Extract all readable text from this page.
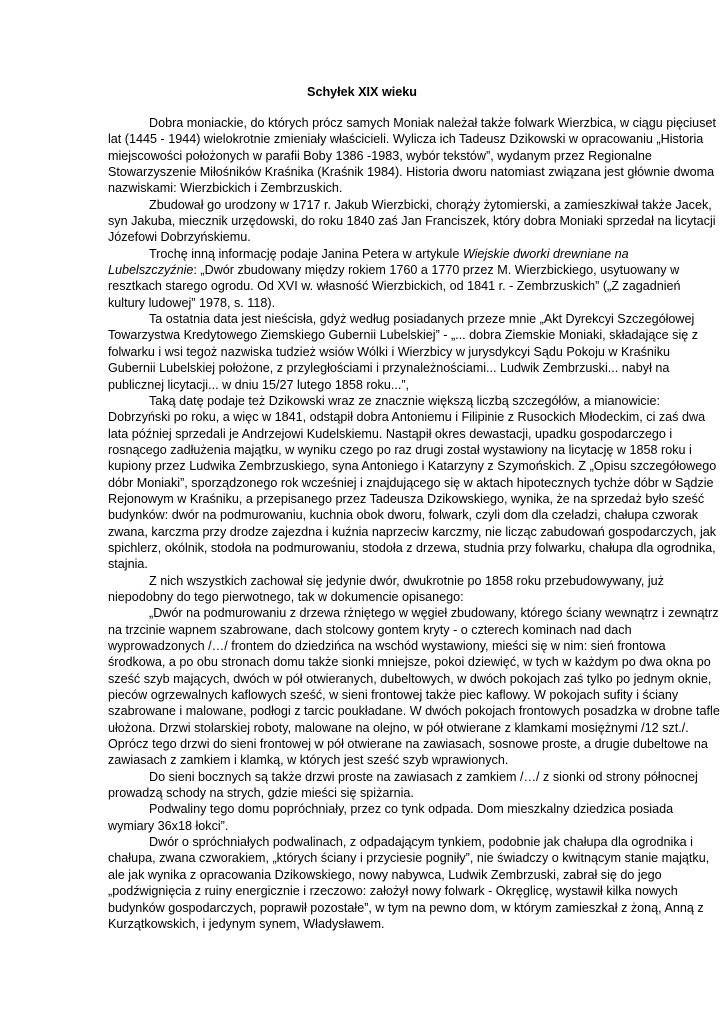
Schyłek XIX wieku

Dobra moniackie, do których prócz samych Moniak należał także folwark Wierzbica, w ciągu pięciuset lat (1445 - 1944) wielokrotnie zmieniały właścicieli. Wylicza ich Tadeusz Dzikowski w opracowaniu „Historia miejscowości położonych w parafii Boby 1386 -1983, wybór tekstów”, wydanym przez Regionalne Stowarzyszenie Miłośników Kraśnika (Kraśnik 1984). Historia dworu natomiast związana jest głównie dwoma nazwiskami: Wierzbickich i Zembrzuskich.

Zbudował go urodzony w 1717 r. Jakub Wierzbicki, chorąży żytomierski, a zamieszkiwał także Jacek, syn Jakuba, miecznik urzędowski, do roku 1840 zaś Jan Franciszek, który dobra Moniaki sprzedał na licytacji Józefowi Dobrzyńskiemu.

Trochę inną informację podaje Janina Petera w artykule Wiejskie dworki drewniane na Lubelszczyźnie: „Dwór zbudowany między rokiem 1760 a 1770 przez M. Wierzbickiego, usytuowany w resztkach starego ogrodu. Od XVI w. własność Wierzbickich, od 1841 r. - Zembrzuskich” („Z zagadnień kultury ludowej” 1978, s. 118).

Ta ostatnia data jest nieścisła, gdyż według posiadanych przeze mnie „Akt Dyrekcyi Szczegółowej Towarzystwa Kredytowego Ziemskiego Gubernii Lubelskiej” - „... dobra Ziemskie Moniaki, składające się z folwarku i wsi tegoż nazwiska tudzież wsiów Wólki i Wierzbicy w jurysdykcyi Sądu Pokoju w Kraśniku Gubernii Lubelskiej położone, z przyległościami i przynależnościami... Ludwik Zembrzuski... nabył na publicznej licytacji... w dniu 15/27 lutego 1858 roku...”,

Taką datę podaje też Dzikowski wraz ze znacznie większą liczbą szczegółów, a mianowicie: Dobrzyński po roku, a więc w 1841, odstąpił dobra Antoniemu i Filipinie z Rusockich Młodeckim, ci zaś dwa lata później sprzedali je Andrzejowi Kudelskiemu. Nastąpił okres dewastacji, upadku gospodarczego i rosnącego zadłużenia majątku, w wyniku czego po raz drugi został wystawiony na licytację w 1858 roku i kupiony przez Ludwika Zembrzuskiego, syna Antoniego i Katarzyny z Szymońskich. Z „Opisu szczegółowego dóbr Moniaki”, sporządzonego rok wcześniej i znajdującego się w aktach hipotecznych tychże dóbr w Sądzie Rejonowym w Kraśniku, a przepisanego przez Tadeusza Dzikowskiego, wynika, że na sprzedaż było sześć budynków: dwór na podmurowaniu, kuchnia obok dworu, folwark, czyli dom dla czeladzi, chałupa czworak zwana, karczma przy drodze zajezdna i kuźnia naprzeciw karczmy, nie licząc zabudowań gospodarczych, jak spichlerz, okólnik, stodoła na podmurowaniu, stodoła z drzewa, studnia przy folwarku, chałupa dla ogrodnika, stajnia.

Z nich wszystkich zachował się jedynie dwór, dwukrotnie po 1858 roku przebudowywany, już niepodobny do tego pierwotnego, tak w dokumencie opisanego:

„Dwór na podmurowaniu z drzewa rżniętego w węgieł zbudowany, którego ściany wewnątrz i zewnątrz na trzcinie wapnem szabrowane, dach stolcowy gontem kryty - o czterech kominach nad dach wyprowadzonych /…/ frontem do dziedzińca na wschód wystawiony, mieści się w nim: sień frontowa środkowa, a po obu stronach domu także sionki mniejsze, pokoi dziewięć, w tych w każdym po dwa okna po sześć szyb mających, dwóch w pół otwieranych, dubeltowych, w dwóch pokojach zaś tylko po jednym oknie, pieców ogrzewalnych kaflowych sześć, w sieni frontowej także piec kaflowy. W pokojach sufity i ściany szabrowane i malowane, podłogi z tarcic poukładane. W dwóch pokojach frontowych posadzka w drobne tafle ułożona. Drzwi stolarskiej roboty, malowane na olejno, w pół otwierane z klamkami mosiężnymi /12 szt./. Oprócz tego drzwi do sieni frontowej w pół otwierane na zawiasach, sosnowe proste, a drugie dubeltowe na zawiasach z zamkiem i klamką, w których jest sześć szyb wprawionych.

Do sieni bocznych są także drzwi proste na zawiasach z zamkiem /…/ z sionki od strony północnej prowadzą schody na strych, gdzie mieści się spiżarnia.

Podwaliny tego domu popróchniały, przez co tynk odpada. Dom mieszkalny dziedzica posiada wymiary 36x18 łokci”.

Dwór o spróchniałych podwalinach, z odpadającym tynkiem, podobnie jak chałupa dla ogrodnika i chałupa, zwana czworakiem, „których ściany i przyciesie pogniły”, nie świadczy o kwitnącym stanie majątku, ale jak wynika z opracowania Dzikowskiego, nowy nabywca, Ludwik Zembrzuski, zabrał się do jego „podźwignięcia z ruiny energicznie i rzeczowo: założył nowy folwark - Okręglicę, wystawił kilka nowych budynków gospodarczych, poprawił pozostałe”, w tym na pewno dom, w którym zamieszkał z żoną, Anną z Kurzątkowskich, i jedynym synem, Władysławem.
